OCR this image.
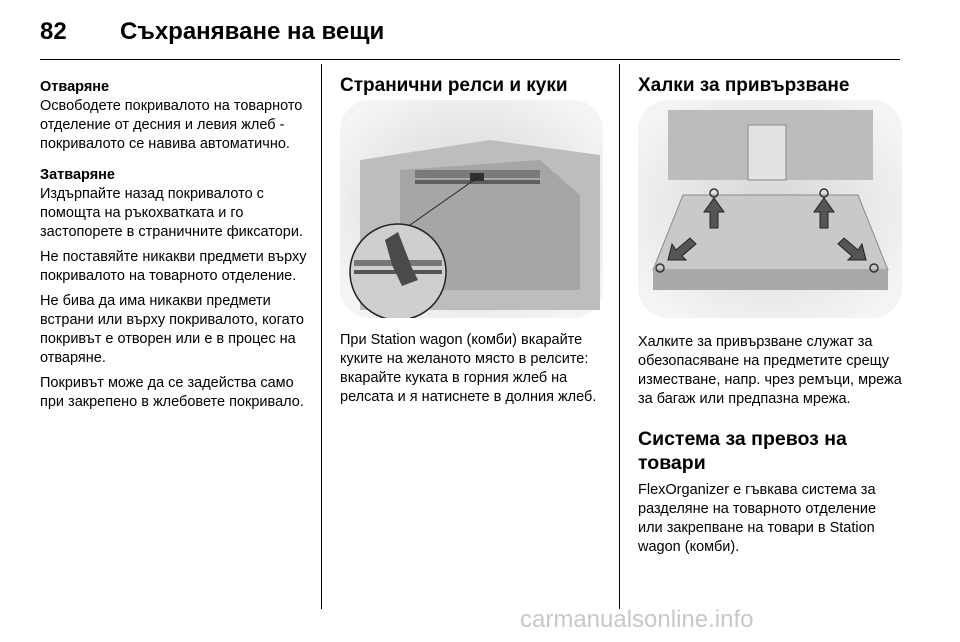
82 Съхраняване на вещи

Отваряне

Освободете покривалото на товарното отделение от десния и левия жлеб - покривалото се навива автоматично.

Затваряне

Издърпайте назад покривалото с помощта на ръкохватката и го застопорете в страничните фиксатори.

Не поставяйте никакви предмети върху покривалото на товарното отделение.

Не бива да има никакви предмети встрани или върху покривалото, когато покривът е отворен или е в процес на отваряне.

Покривът може да се задейства само при закрепено в жлебовете покривало.

Странични релси и куки

При Station wagon (комби) вкарайте куките на желаното място в релсите: вкарайте куката в горния жлеб на релсата и я натиснете в долния жлеб.

Халки за привързване

Халките за привързване служат за обезопасяване на предметите срещу изместване, напр. чрез ремъци, мрежа за багаж или предпазна мрежа.

Система за превоз на товари

FlexOrganizer е гъвкава система за разделяне на товарното отделение или закрепване на товари в Station wagon (комби).

carmanualsonline.info
